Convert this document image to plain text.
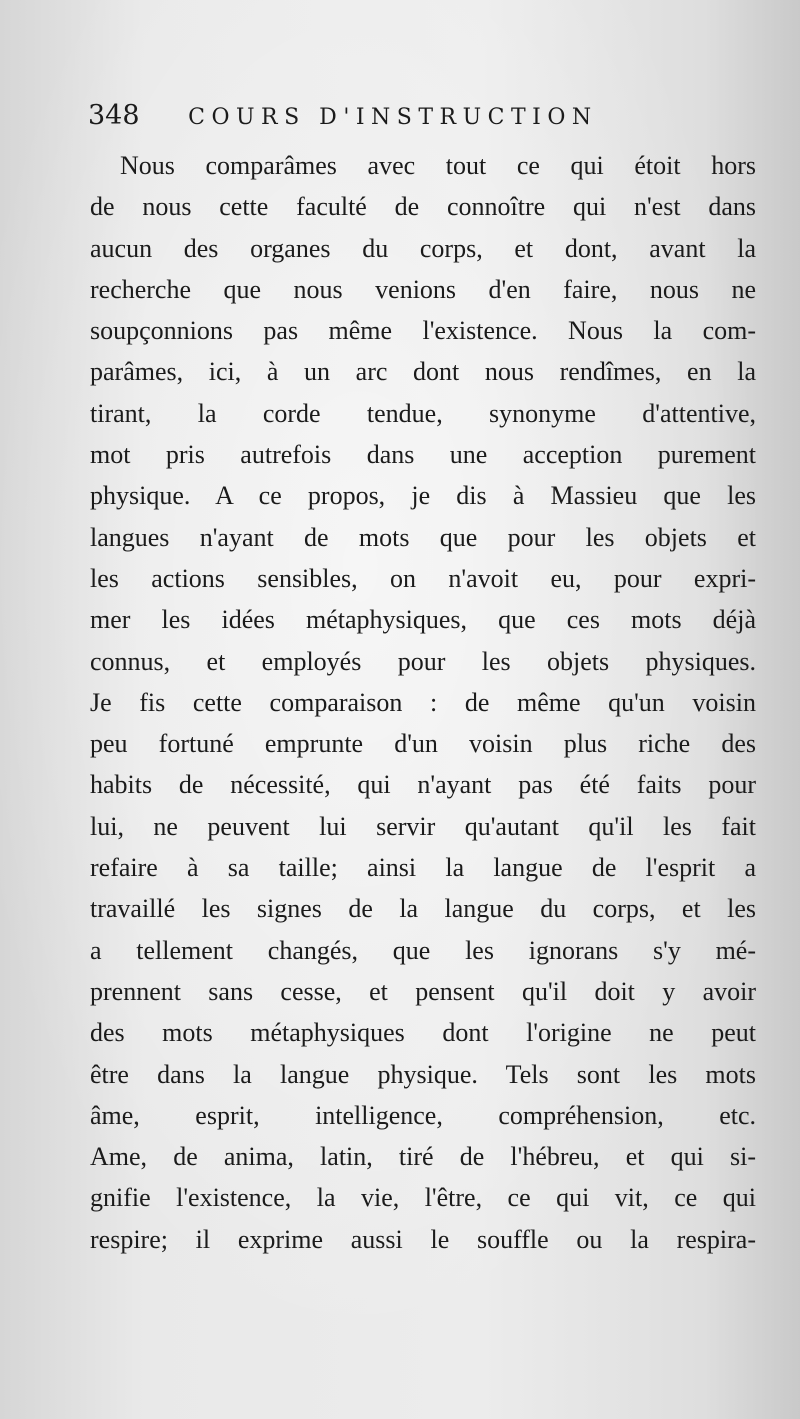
348 COURS D'INSTRUCTION
Nous comparâmes avec tout ce qui étoit hors
de nous cette faculté de connoître qui n'est dans
aucun des organes du corps, et dont, avant la
recherche que nous venions d'en faire, nous ne
soupçonnions pas même l'existence. Nous la com-
parâmes, ici, à un arc dont nous rendîmes, en la
tirant, la corde tendue, synonyme d'attentive,
mot pris autrefois dans une acception purement
physique. A ce propos, je dis à Massieu que les
langues n'ayant de mots que pour les objets et
les actions sensibles, on n'avoit eu, pour expri-
mer les idées métaphysiques, que ces mots déjà
connus, et employés pour les objets physiques.
Je fis cette comparaison : de même qu'un voisin
peu fortuné emprunte d'un voisin plus riche des
habits de nécessité, qui n'ayant pas été faits pour
lui, ne peuvent lui servir qu'autant qu'il les fait
refaire à sa taille; ainsi la langue de l'esprit a
travaillé les signes de la langue du corps, et les
a tellement changés, que les ignorans s'y mé-
prennent sans cesse, et pensent qu'il doit y avoir
des mots métaphysiques dont l'origine ne peut
être dans la langue physique. Tels sont les mots
âme, esprit, intelligence, compréhension, etc.
Ame, de anima, latin, tiré de l'hébreu, et qui si-
gnifie l'existence, la vie, l'être, ce qui vit, ce qui
respire; il exprime aussi le souffle ou la respira-
